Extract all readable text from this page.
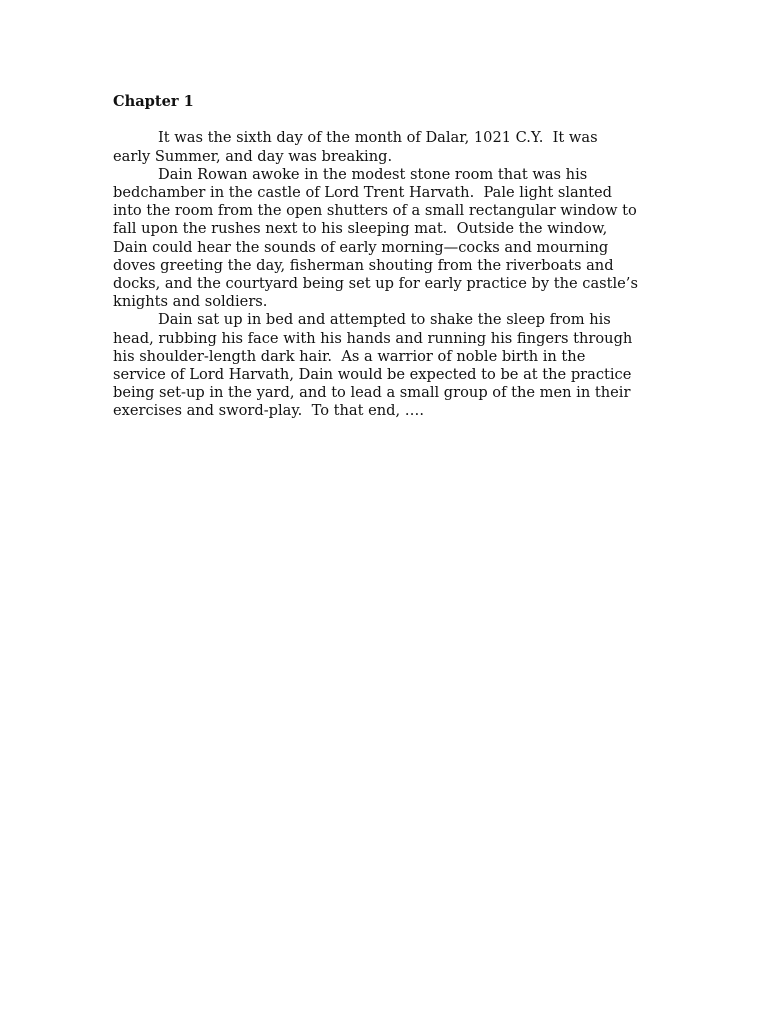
Chapter 1
It was the sixth day of the month of Dalar, 1021 C.Y.  It was
early Summer, and day was breaking.
Dain Rowan awoke in the modest stone room that was his
bedchamber in the castle of Lord Trent Harvath.  Pale light slanted
into the room from the open shutters of a small rectangular window to
fall upon the rushes next to his sleeping mat.  Outside the window,
Dain could hear the sounds of early morning—cocks and mourning
doves greeting the day, fisherman shouting from the riverboats and
docks, and the courtyard being set up for early practice by the castle’s
knights and soldiers.
Dain sat up in bed and attempted to shake the sleep from his
head, rubbing his face with his hands and running his fingers through
his shoulder-length dark hair.  As a warrior of noble birth in the
service of Lord Harvath, Dain would be expected to be at the practice
being set-up in the yard, and to lead a small group of the men in their
exercises and sword-play.  To that end, ….
